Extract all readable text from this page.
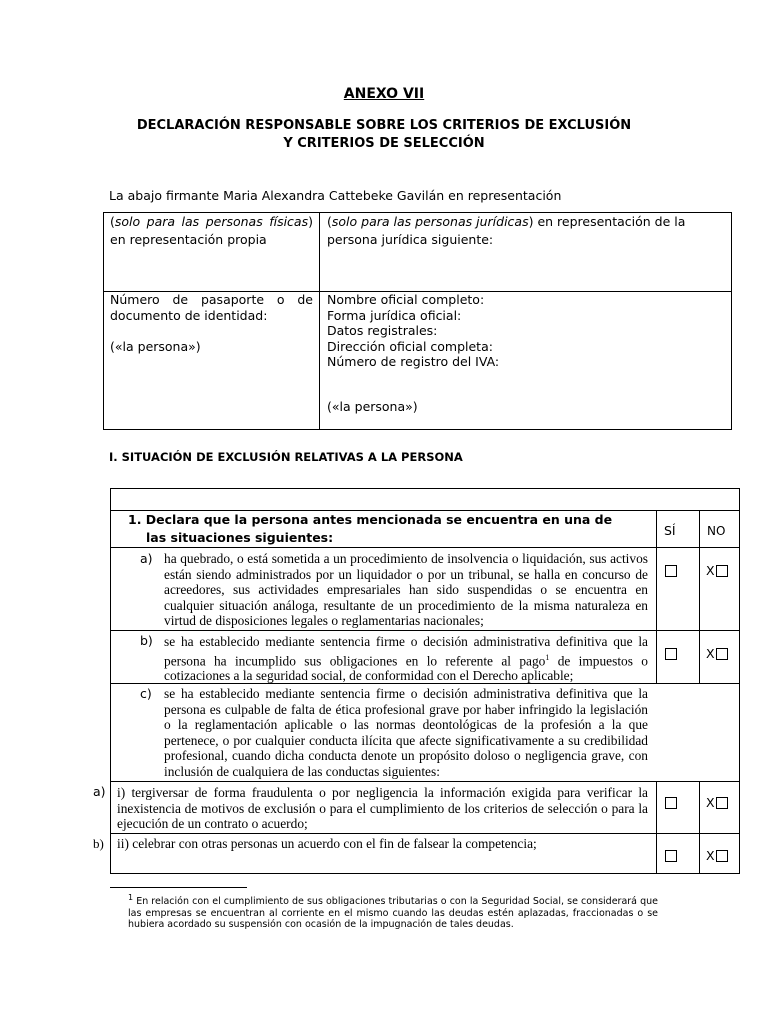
ANEXO VII
DECLARACIÓN RESPONSABLE SOBRE LOS CRITERIOS DE EXCLUSIÓN
Y CRITERIOS DE SELECCIÓN
La abajo firmante Maria Alexandra Cattebeke Gavilán en representación
(solo para las personas físicas) en representación propia
(solo para las personas jurídicas) en representación de la persona jurídica siguiente:
Número de pasaporte o de documento de identidad:
(«la persona»)
Nombre oficial completo:
Forma jurídica oficial:
Datos registrales:
Dirección oficial completa:
Número de registro del IVA:
(«la persona»)
I. SITUACIÓN DE EXCLUSIÓN RELATIVAS A LA PERSONA
1. Declara que la persona antes mencionada se encuentra en una de
las situaciones siguientes:	SÍ	NO
a) ha quebrado, o está sometida a un procedimiento de insolvencia o liquidación, sus activos están siendo administrados por un liquidador o por un tribunal, se halla en concurso de acreedores, sus actividades empresariales han sido suspendidas o se encuentra en cualquier situación análoga, resultante de un procedimiento de la misma naturaleza en virtud de disposiciones legales o reglamentarias nacionales;
X
b) se ha establecido mediante sentencia firme o decisión administrativa definitiva que la persona ha incumplido sus obligaciones en lo referente al pago$^1$ de impuestos o cotizaciones a la seguridad social, de conformidad con el Derecho aplicable;
X
c) se ha establecido mediante sentencia firme o decisión administrativa definitiva que la persona es culpable de falta de ética profesional grave por haber infringido la legislación o la reglamentación aplicable o las normas deontológicas de la profesión a la que pertenece, o por cualquier conducta ilícita que afecte significativamente a su credibilidad profesional, cuando dicha conducta denote un propósito doloso o negligencia grave, con inclusión de cualquiera de las conductas siguientes:
a) i) tergiversar de forma fraudulenta o por negligencia la información exigida para verificar la inexistencia de motivos de exclusión o para el cumplimiento de los criterios de selección o para la ejecución de un contrato o acuerdo;
X
b) ii) celebrar con otras personas un acuerdo con el fin de falsear la competencia;
X
$^1$ En relación con el cumplimiento de sus obligaciones tributarias o con la Seguridad Social, se considerará que las empresas se encuentran al corriente en el mismo cuando las deudas estén aplazadas, fraccionadas o se hubiera acordado su suspensión con ocasión de la impugnación de tales deudas.
